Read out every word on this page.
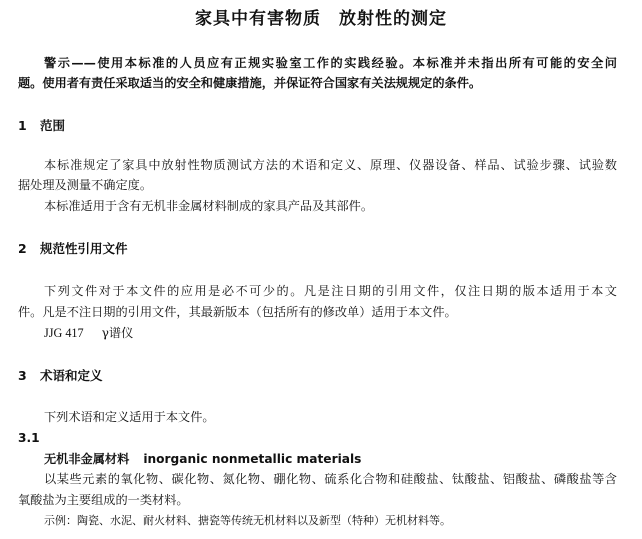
家具中有害物质　放射性的测定
警示——使用本标准的人员应有正规实验室工作的实践经验。本标准并未指出所有可能的安全问
题。使用者有责任采取适当的安全和健康措施，并保证符合国家有关法规规定的条件。
1 范围
本标准规定了家具中放射性物质测试方法的术语和定义、原理、仪器设备、样品、试验步骤、试验数
据处理及测量不确定度。
本标准适用于含有无机非金属材料制成的家具产品及其部件。
2 规范性引用文件
下列文件对于本文件的应用是必不可少的。凡是注日期的引用文件，仅注日期的版本适用于本文
件。凡是不注日期的引用文件，其最新版本（包括所有的修改单）适用于本文件。
JJG 417 γ谱仪
3 术语和定义
下列术语和定义适用于本文件。
3.1
无机非金属材料 inorganic nonmetallic materials
以某些元素的氧化物、碳化物、氮化物、硼化物、硫系化合物和硅酸盐、钛酸盐、铝酸盐、磷酸盐等含
氧酸盐为主要组成的一类材料。
示例：陶瓷、水泥、耐火材料、搪瓷等传统无机材料以及新型（特种）无机材料等。
